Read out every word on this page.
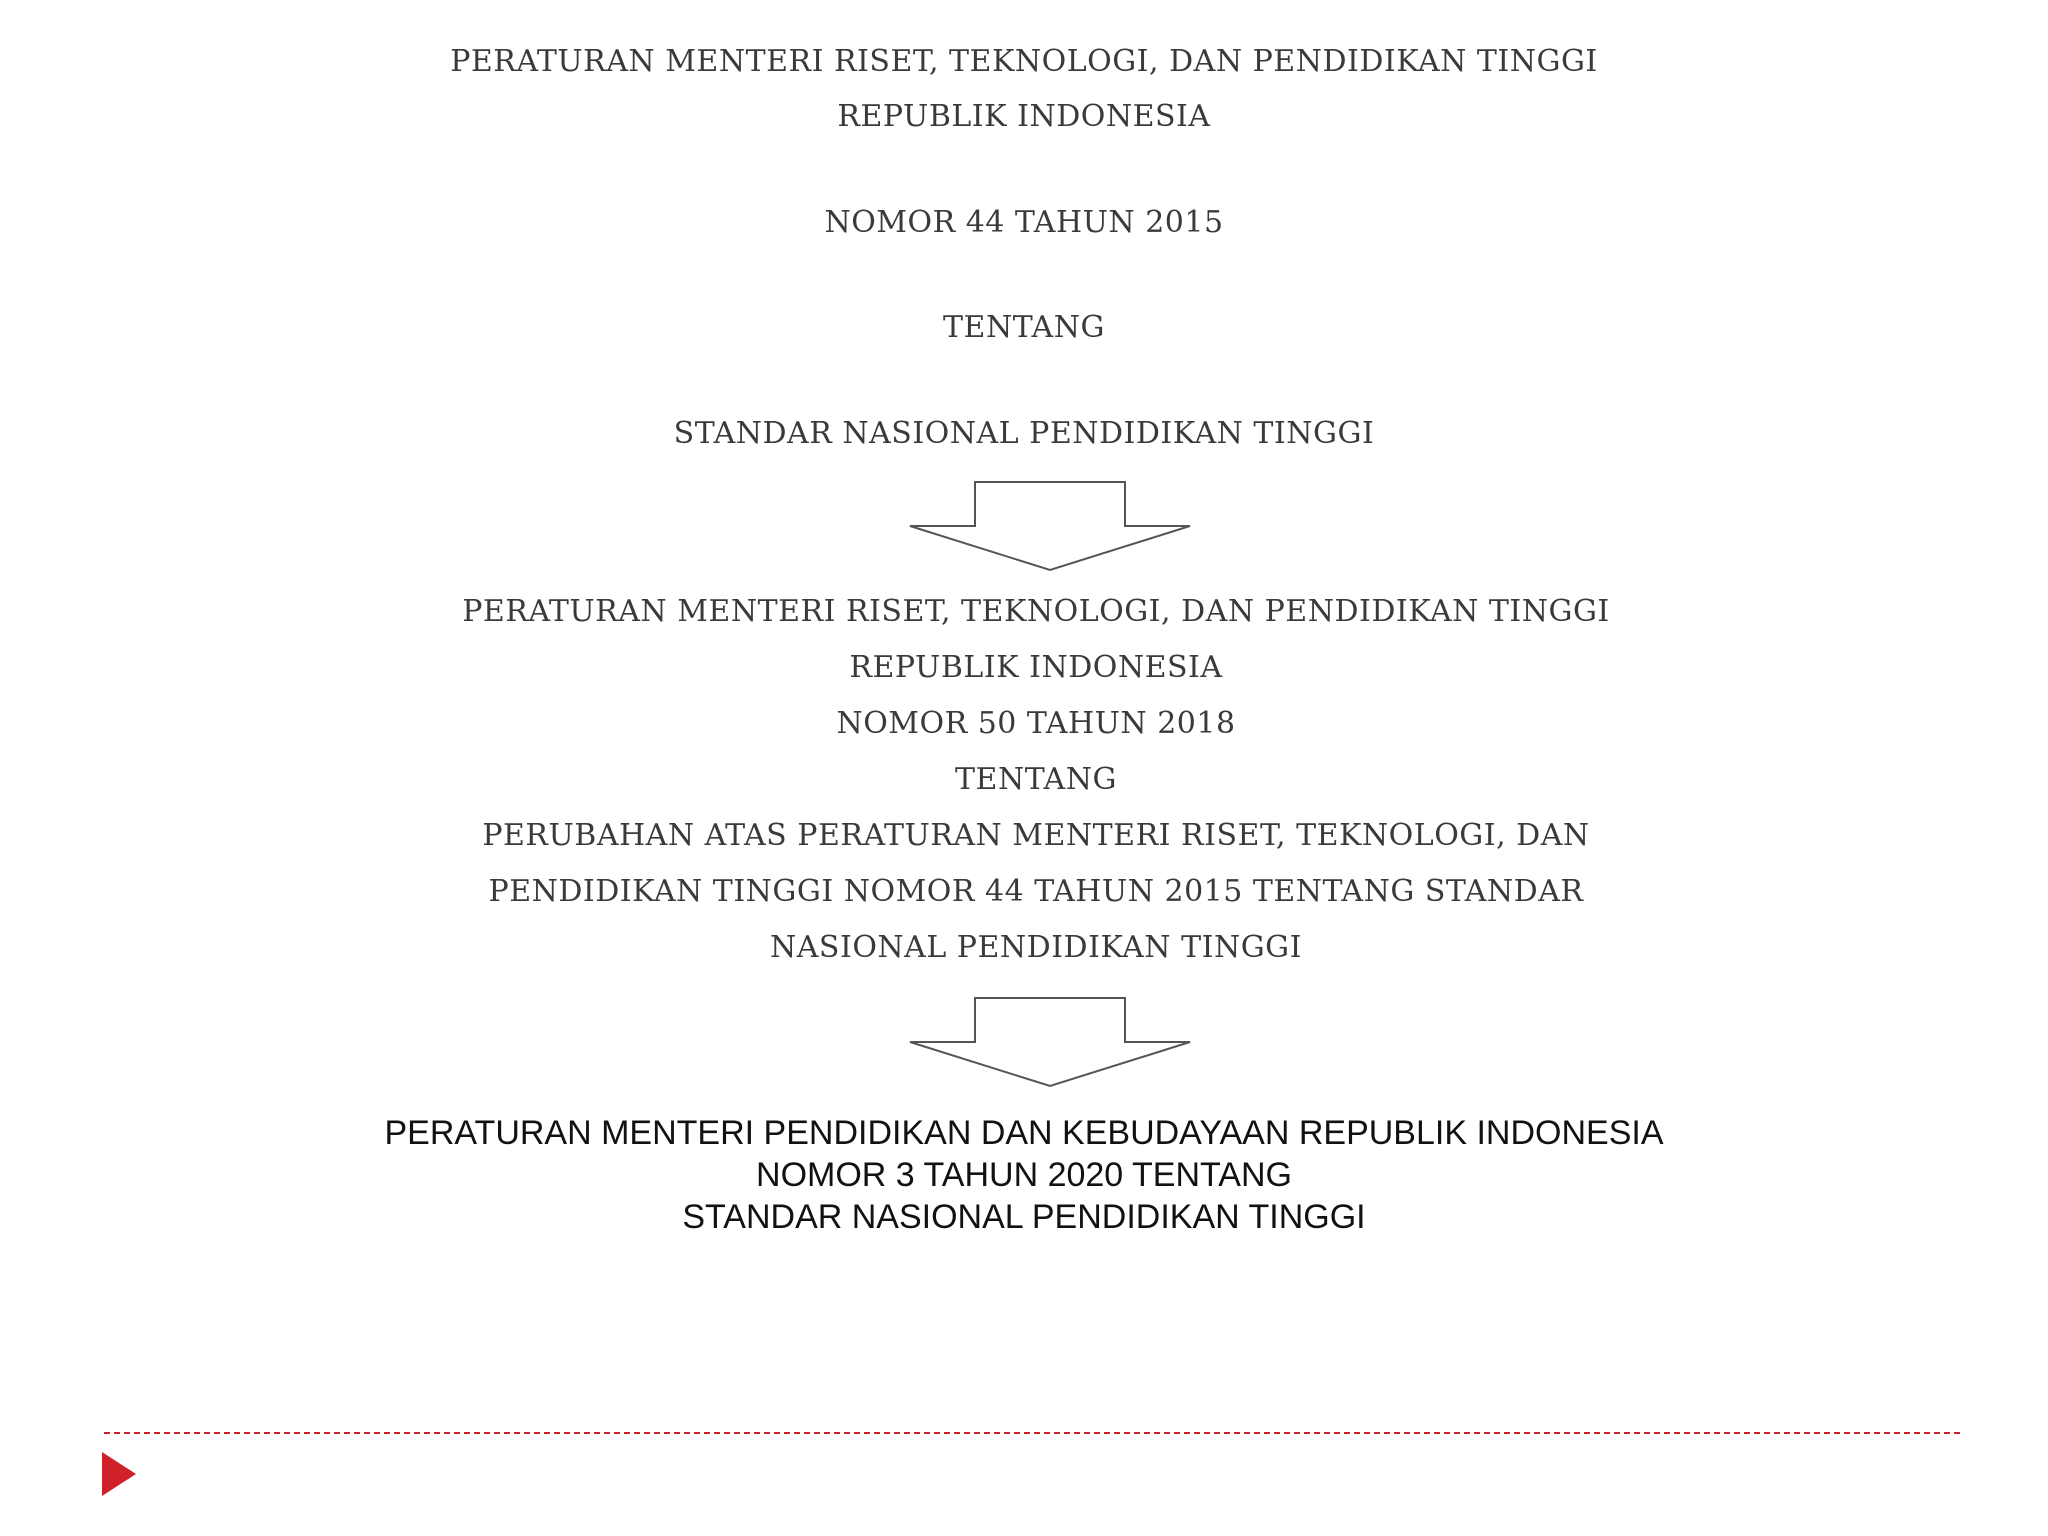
PERATURAN MENTERI RISET, TEKNOLOGI, DAN PENDIDIKAN TINGGI
REPUBLIK INDONESIA
NOMOR 44 TAHUN 2015
TENTANG
STANDAR NASIONAL PENDIDIKAN TINGGI
PERATURAN MENTERI RISET, TEKNOLOGI, DAN PENDIDIKAN TINGGI
REPUBLIK INDONESIA
NOMOR 50 TAHUN 2018
TENTANG
PERUBAHAN ATAS PERATURAN MENTERI RISET, TEKNOLOGI, DAN
PENDIDIKAN TINGGI NOMOR 44 TAHUN 2015 TENTANG STANDAR
NASIONAL PENDIDIKAN TINGGI
PERATURAN MENTERI PENDIDIKAN DAN KEBUDAYAAN REPUBLIK INDONESIA
NOMOR 3 TAHUN 2020 TENTANG
STANDAR NASIONAL PENDIDIKAN TINGGI
